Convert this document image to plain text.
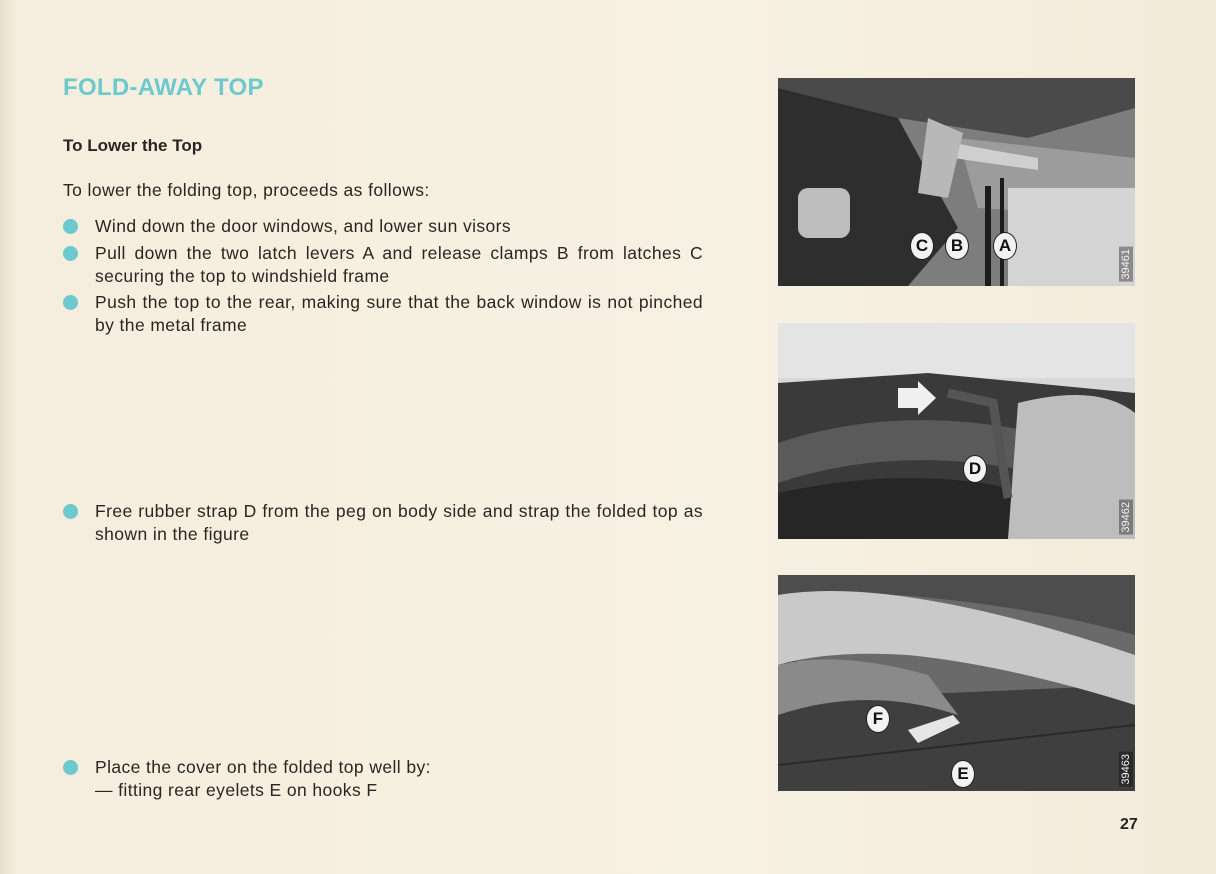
FOLD-AWAY TOP
To Lower the Top
To lower the folding top, proceeds as follows:
Wind down the door windows, and lower sun visors
Pull down the two latch levers A and release clamps B from latches C securing the top to windshield frame
Push the top to the rear, making sure that the back window is not pinched by the metal frame
Free rubber strap D from the peg on body side and strap the folded top as shown in the figure
Place the cover on the folded top well by:
— fitting rear eyelets E on hooks F
C	B	A
39461
D
39462
F
E	39463
27
